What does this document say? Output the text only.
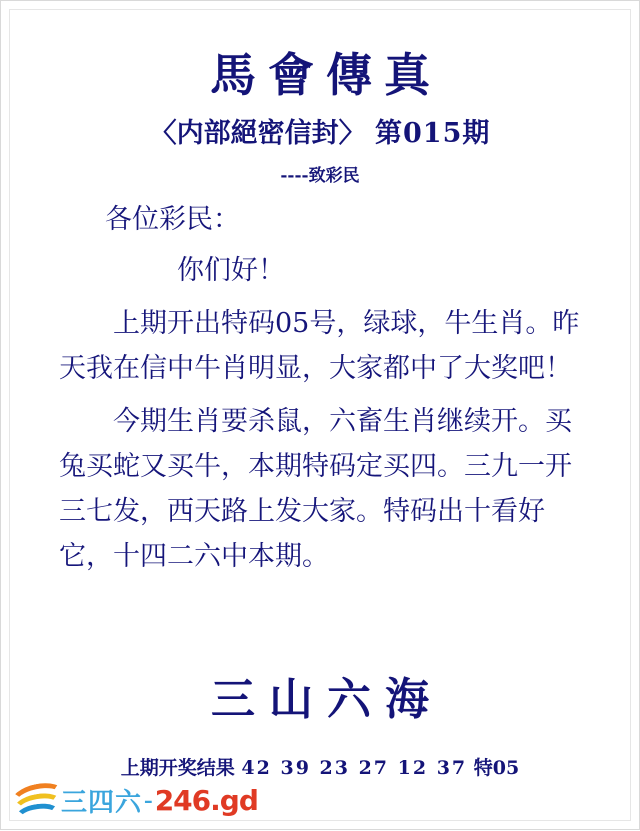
馬會傳真
〈内部絕密信封〉 第015期
----致彩民
各位彩民：
你们好！
上期开出特码05号，绿球，牛生肖。昨天我在信中牛肖明显，大家都中了大奖吧！
今期生肖要杀鼠，六畜生肖继续开。买兔买蛇又买牛，本期特码定买四。三九一开三七发，西天路上发大家。特码出十看好它，十四二六中本期。
三山六海
上期开奖结果 42 39 23 27 12 37 特05
三四六 - 246.gd
